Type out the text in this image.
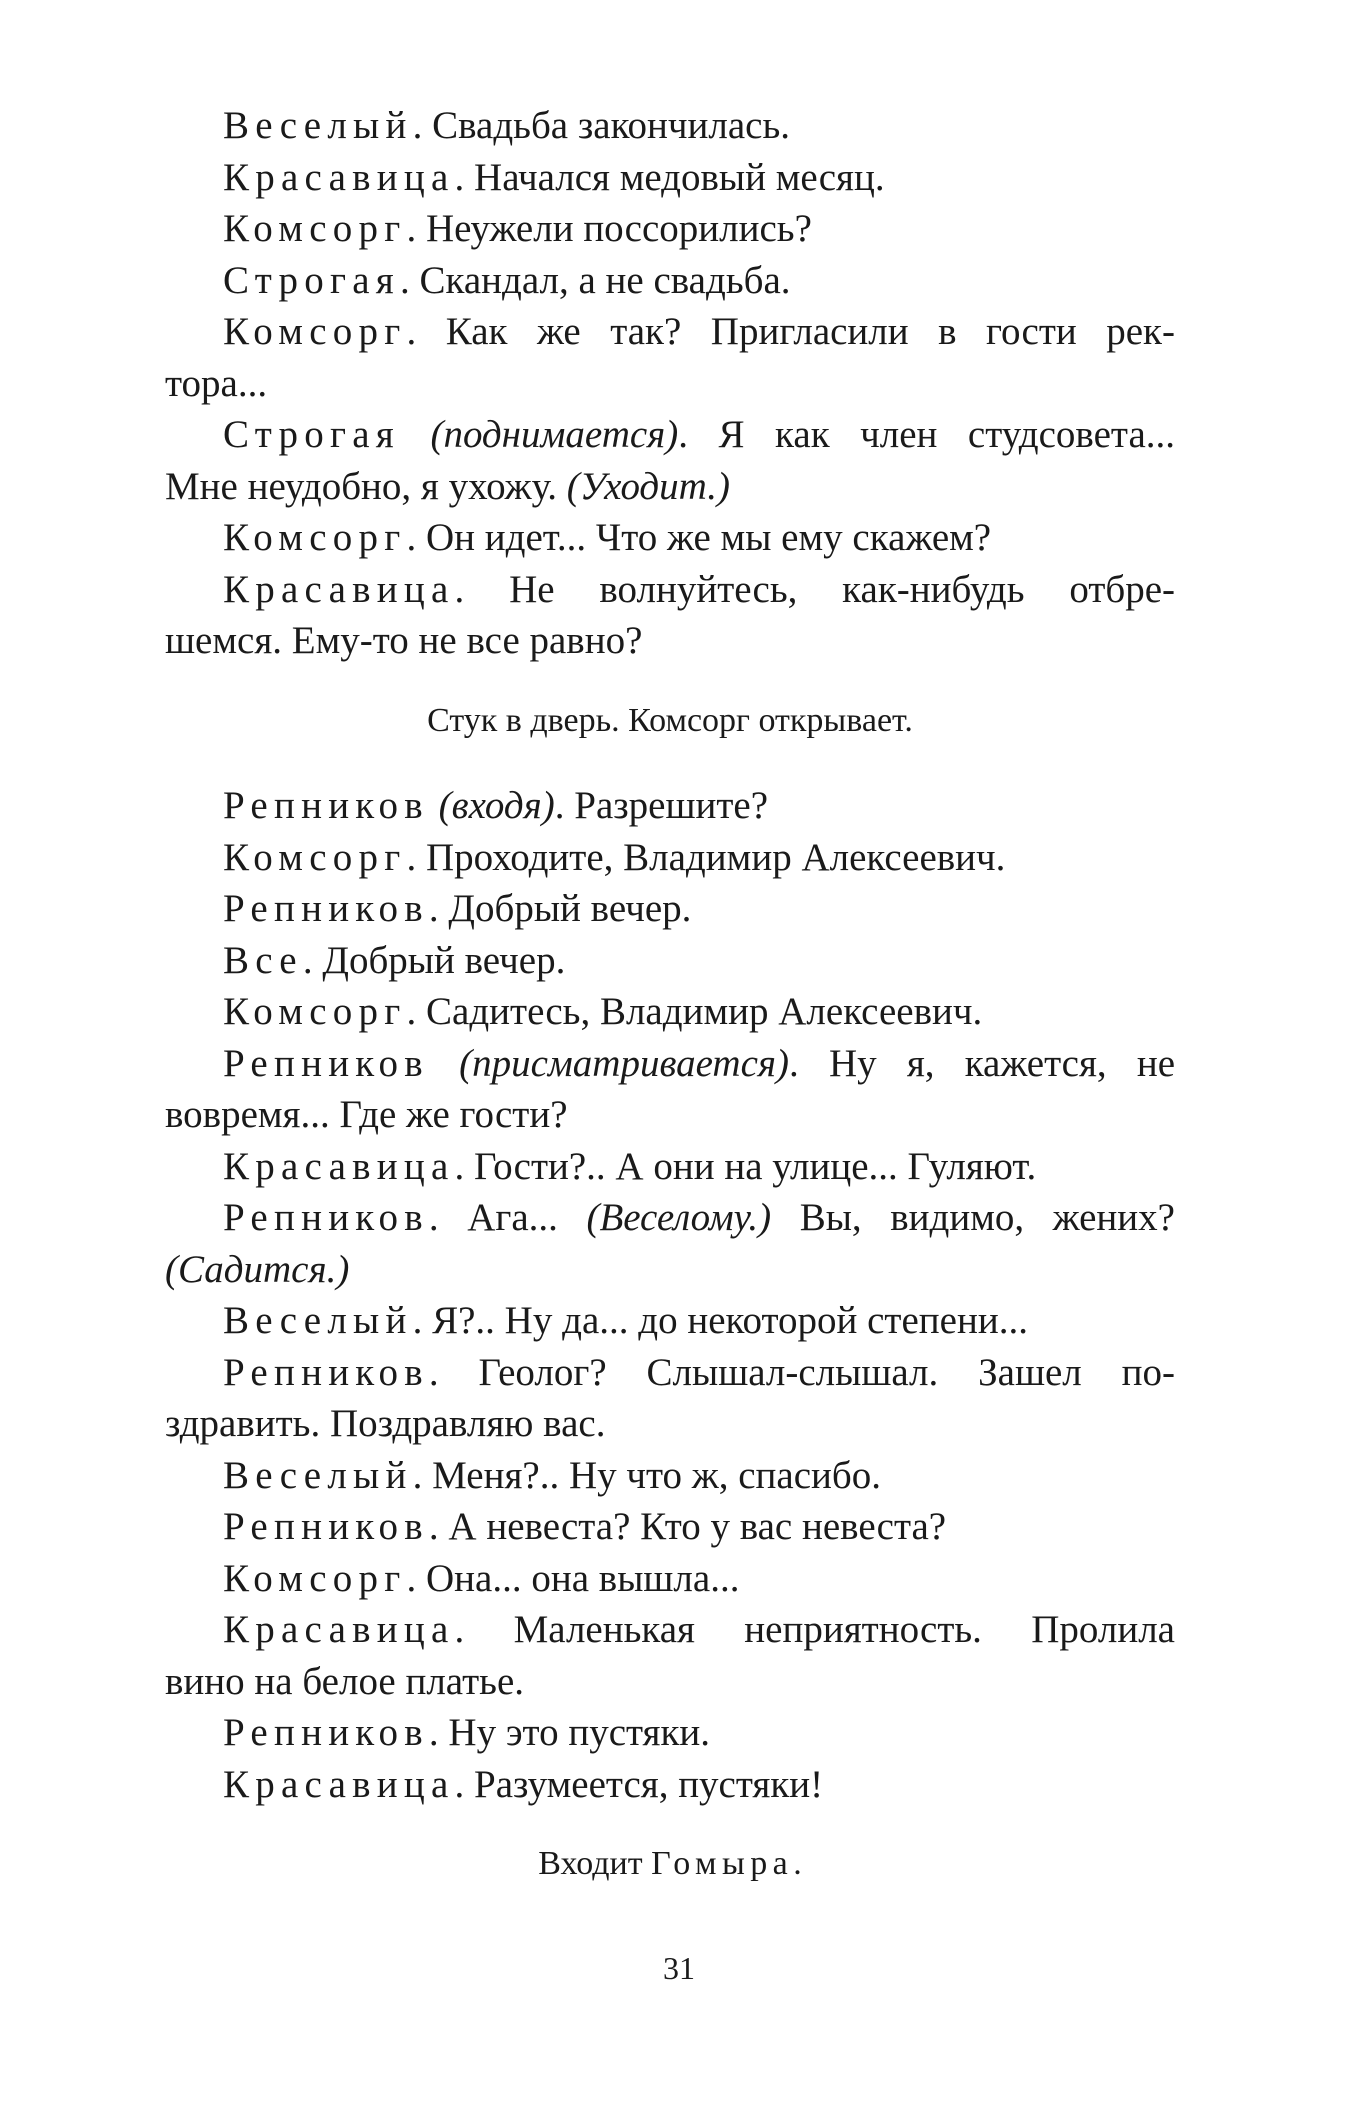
Веселый. Свадьба закончилась.
Красавица. Начался медовый месяц.
Комсорг. Неужели поссорились?
Строгая. Скандал, а не свадьба.
Комсорг. Как же так? Пригласили в гости рек-
тора...
Строгая (поднимается). Я как член студсовета...
Мне неудобно, я ухожу. (Уходит.)
Комсорг. Он идет... Что же мы ему скажем?
Красавица. Не волнуйтесь, как-нибудь отбре-
шемся. Ему-то не все равно?
Стук в дверь. Комсорг открывает.
Репников (входя). Разрешите?
Комсорг. Проходите, Владимир Алексеевич.
Репников. Добрый вечер.
Все. Добрый вечер.
Комсорг. Садитесь, Владимир Алексеевич.
Репников (присматривается). Ну я, кажется, не
вовремя... Где же гости?
Красавица. Гости?.. А они на улице... Гуляют.
Репников. Ага... (Веселому.) Вы, видимо, жених?
(Садится.)
Веселый. Я?.. Ну да... до некоторой степени...
Репников. Геолог? Слышал-слышал. Зашел по-
здравить. Поздравляю вас.
Веселый. Меня?.. Ну что ж, спасибо.
Репников. А невеста? Кто у вас невеста?
Комсорг. Она... она вышла...
Красавица. Маленькая неприятность. Пролила
вино на белое платье.
Репников. Ну это пустяки.
Красавица. Разумеется, пустяки!
Входит Гомыра.
31
